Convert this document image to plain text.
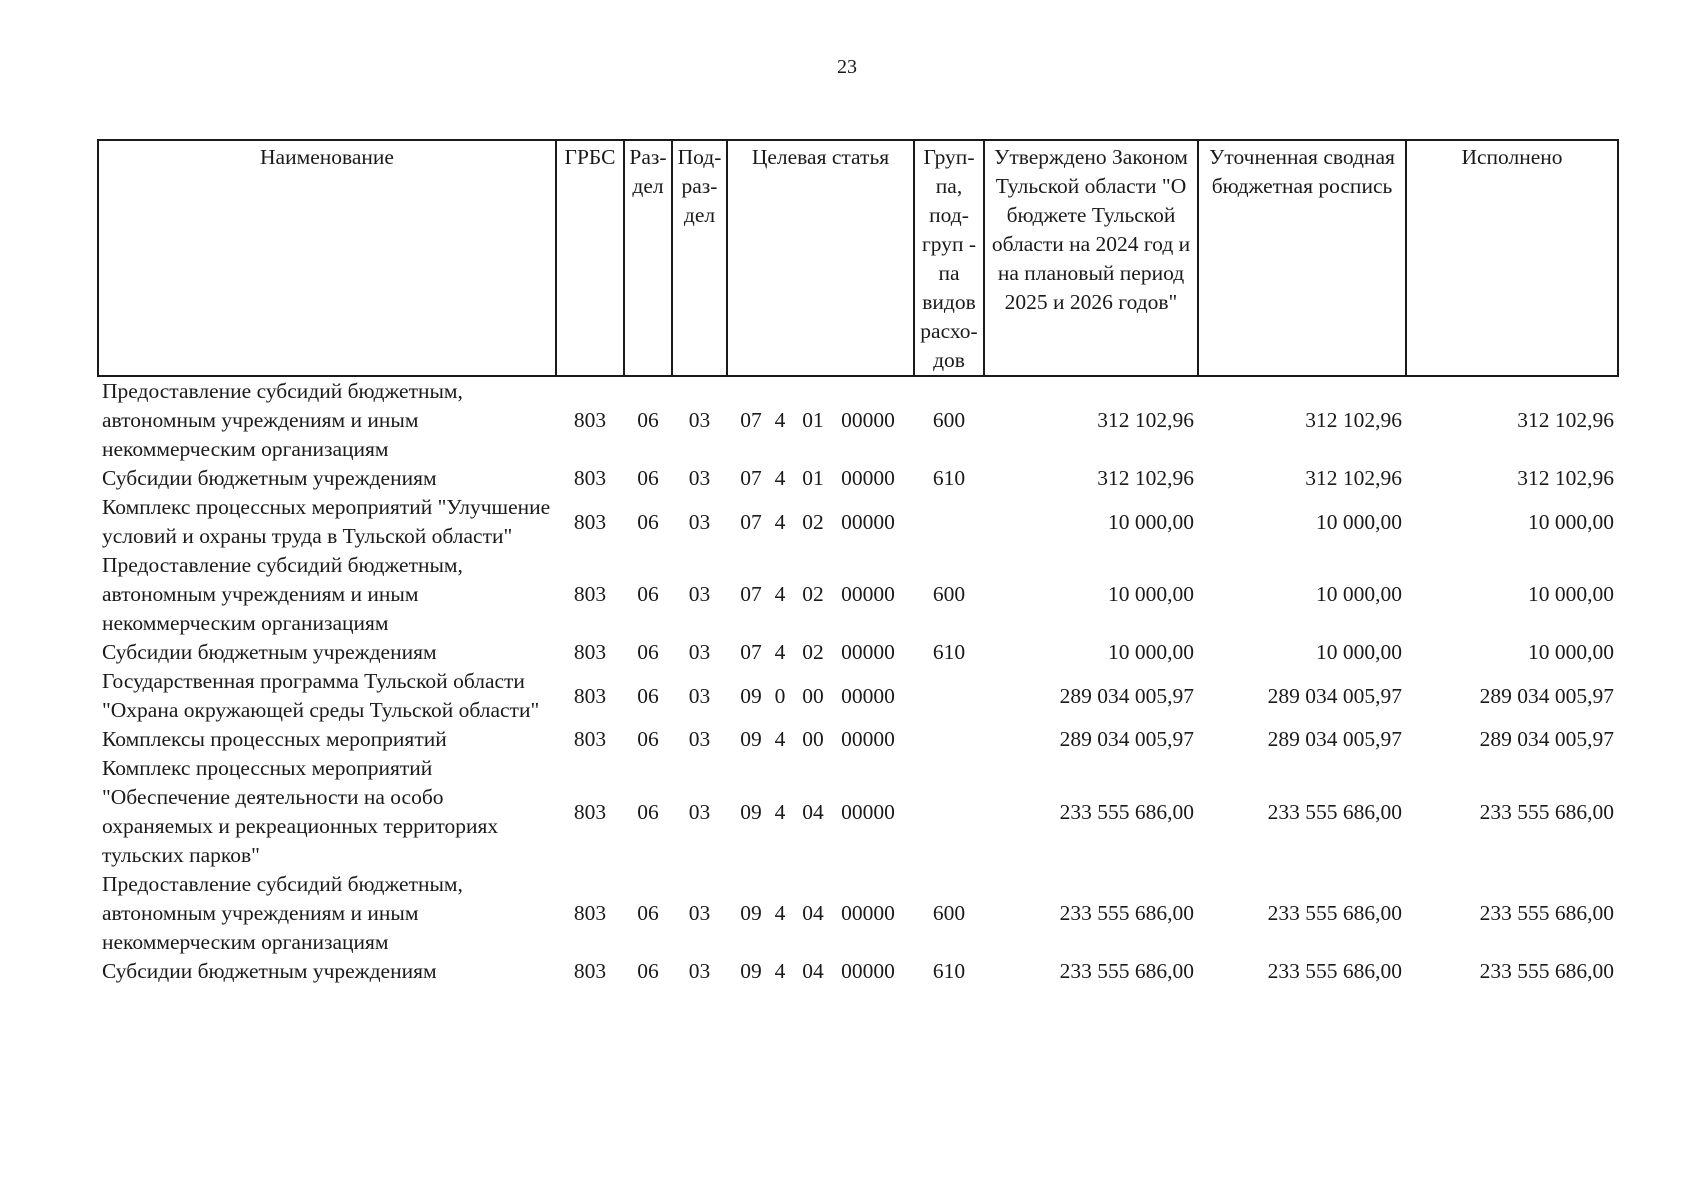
23
Наименование	ГРБС	Раз-дел	Под-раз-дел	Целевая статья	Груп-па, под-груп - па видов расхо-дов	Утверждено Законом Тульской области "О бюджете Тульской области на 2024 год и на плановый период 2025 и 2026 годов"	Уточненная сводная бюджетная роспись	Исполнено
Предоставление субсидий бюджетным, автономным учреждениям и иным некоммерческим организациям	803	06	03	07 4 01 00000	600	312 102,96	312 102,96	312 102,96
Субсидии бюджетным учреждениям	803	06	03	07 4 01 00000	610	312 102,96	312 102,96	312 102,96
Комплекс процессных мероприятий "Улучшение условий и охраны труда в Тульской области"	803	06	03	07 4 02 00000		10 000,00	10 000,00	10 000,00
Предоставление субсидий бюджетным, автономным учреждениям и иным некоммерческим организациям	803	06	03	07 4 02 00000	600	10 000,00	10 000,00	10 000,00
Субсидии бюджетным учреждениям	803	06	03	07 4 02 00000	610	10 000,00	10 000,00	10 000,00
Государственная программа Тульской области "Охрана окружающей среды Тульской области"	803	06	03	09 0 00 00000		289 034 005,97	289 034 005,97	289 034 005,97
Комплексы процессных мероприятий	803	06	03	09 4 00 00000		289 034 005,97	289 034 005,97	289 034 005,97
Комплекс процессных мероприятий "Обеспечение деятельности на особо охраняемых и рекреационных территориях тульских парков"	803	06	03	09 4 04 00000		233 555 686,00	233 555 686,00	233 555 686,00
Предоставление субсидий бюджетным, автономным учреждениям и иным некоммерческим организациям	803	06	03	09 4 04 00000	600	233 555 686,00	233 555 686,00	233 555 686,00
Субсидии бюджетным учреждениям	803	06	03	09 4 04 00000	610	233 555 686,00	233 555 686,00	233 555 686,00
